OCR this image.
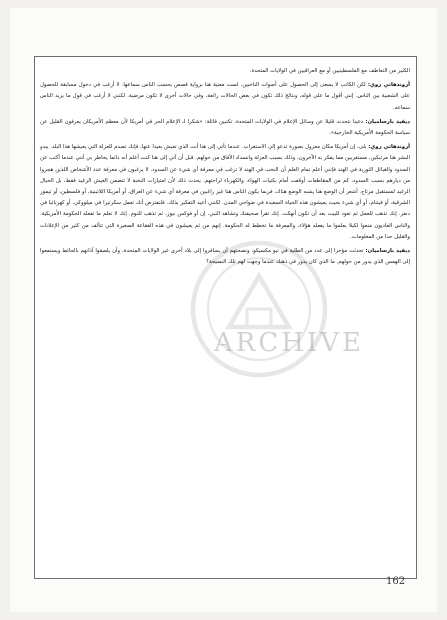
ARCHIVE

الكثير من التعاطف مع الفلسطينيين أو مع العراقيين في الولايات المتحدة.

أروندهاتي روي: لكن الكاتب لا يسعى إلى الحصول على أصوات الناخبين. لست معنية هنا برواية قصص بحسب الناس سماعها. لا أرغب في دخول مسابقة للحصول على الشعبية بين الناس. إنني أقول ما علي قوله، ونتائج ذلك تكون في بعض الحالات رائعة، وفي حالات أخرى لا تكون مرضية. لكنني لا أرغب في قول ما يريد الناس سماعه.

ديفيد بارساميان: دعينا نتحدث قليلا عن وسائل الإعلام في الولايات المتحدة. تكتبين قائلة: «شكرا لـ الإعلام الحر في أمريكا لأن معظم الأمريكان يعرفون القليل عن سياسة الحكومة الأمريكية الخارجية».

أروندهاتي روي: بلى، إن أمريكا مكان معزول بصورة تدعو إلى الاستغراب. عندما تأتي إلى هنا أنت الذي تعيش بعيدا عنها، فإنك تصدم للعزلة التي يعيشها هذا البلد. يبدو البشر هنا مرتبكين، مستغربين مما يفكر به الآخرون، وذلك بسبب العزلة وانسداد الآفاق من حولهم. قبل أن آتي إلى هنا كنت أعلم أنه دائما يخاطر بي أنني عندما أكتب عن السدود والقبائل الثورية في الهند فإنني أعلم تمام العلم أن النخب في الهند لا ترغب في معرفة أي شيء عن السدود. لا يرغبون في معرفة عدد الأشخاص اللذين هجروا من ديارهم بسبب السدود، كم من المقاطعات أوقفت أمام بكتيات الهواء، والكهرباء لراحتهم. يحدث ذلك لأن امتيازات النخبة لا تتضمن العيش الرغيد فقط، بل الخيال الرغيد لمستقبل مرتاح. أشعر أن الوضع هنا يشبه الوضع هناك، فربما يكون الناس هنا غير راغبين في معرفة أي شيء عن العراق، أو أمريكا اللاتينية، أو فلسطين، أو تيمور الشرقية، أو فيتنام، أو أي شيء بحيث يعيشون هذه الحياة السعيدة في ضواحي المدن. لكنني أعيد التفكير بذلك. فلنفترض أنك تعمل سكرتيرا في ميلووكي، أو كهربائيا في دنفر. إنك تذهب للعمل ثم تعود للبيت بعد أن تكون أنهكت. إنك تقرأ صحيفتك وتشاهد التبي. إن أو فوكس نيوز، ثم تذهب للنوم. إنك لا تعلم ما تفعله الحكومة الأمريكية. والناس العاديون منعوا لكيلا يعلموا ما يفعله هؤلاء، والمعرفة ما تخطط له الحكومة. إنهم من ثم يعيشون في هذه الفقاعة الصغيرة التي تتألف من كثير من الإعلانات والقليل جدا من المعلومات.

ديفيد بارساميان: تحدثت مؤخرا إلى عدد من الطلبة في نيو مكسيكو، ونصحتهم أن يسافروا إلى بلاد أخرى غير الولايات المتحدة، وأن يلصقوا آذانهم بالحائط ويستمعوا إلى الهمس الذي يدور من حولهم. ما الذي كان يدور في ذهنك عندما وجهت لهم تلك النصيحة؟

162
